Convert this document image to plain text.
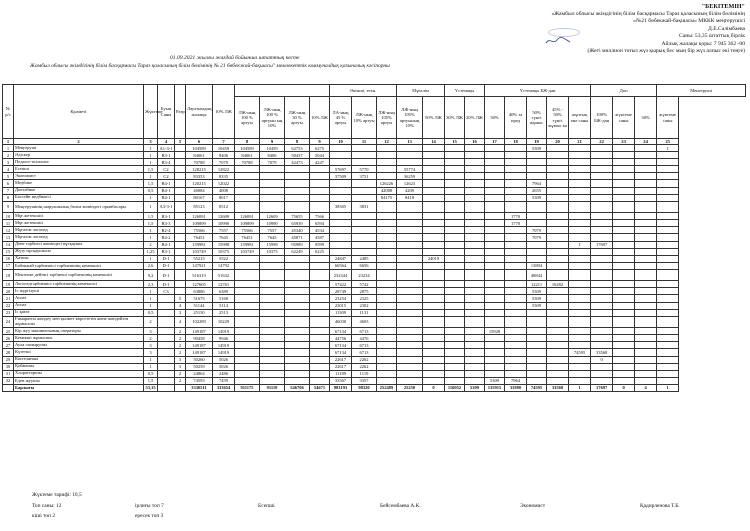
"БЕКІТЕМІН"
«Жамбыл облысы әкімдігінің білім басқармасы Тараз қаласының білім бөлімінің
«№21 бөбекжай-бақшасы» МККК меңгерушісі
Д.Е.Сәлімбаева
Саны: 53,35 штаттық бірлік
Айлық жалақы қоры: 7 945 362 -00
(Жеті миллион тоғыз жүз қырық бес мың бір жүз алпыс екі теңге)
01.09.2021 жылғы жағдай бойынша штаттық кесте
Жамбыл облысы әкімдігінің білім басқармасы Тараз қаласының білім бөлімінің № 21 бөбекжай-бақшасы" мемлекеттік коммуналдық қазыналық кәсіпорны
№ р/с	Қызметі	Жүктеме	Буын Саны	Разр	Лауазымдық жалақы	10% ЛЖ					Әкімші, техн.			Мұғалім		Үстемақы		Үстемақы БЖ-дан					Доп			Менгеруші
							ЛЖ-ның 100 % артуы	ЛЖ-ның 100 % артуын ың 10%	ЛЖ-ның 30 % артуы	10% ЛЖ	ЛА-ның 45 % артуы	ЛЖ-ның 10% артуы	ЛЖ-ның 105% артуы	ЛЖ-ның 105% артуының 10%	50% ЛЖ	30% ЛЖ	20% ЛЖ	30%	40% за пред	50% түнгі жұмыс	45% - 50% түнгі жұмыс ка	жұптық ене саны	100% БЖ-дан	жүктеме саны	30%	жүктеме саны
1	2	3	4	5	6	7	8	9	8	9	10	11	12	13	14	15	16	17	18	19	20	21	22	23	24	25
1	Меңгеруші	1	А1-3-1		104589	10459	104589	10459	62753	6275										5309						1
2	Әдіскер	1	В3-1		84061	8406	84061	8406	50437	5044																
3	Педагог-психолог	1	В3-4		70788	7079	70788	7079	42473	4247																
4	Есепші	1,5	С2		128215	12822					57697	5770		55774												
5	Экономист	1	С2		83353	8335					37509	3751		36259												
6	Медбике	1,5	В4-1		120215	12022							126226	12623						7964						
7	Диетабике	0,5	В4-1		40084	4008							42088	4209						2655						
8	Бассейн медбикесі	1	В4-1		80167	8017							84175	8418						5309						
9	Меңгерушінің шаруашылық бөлім жөніндегі орынбасары	1	А3-3-1		85123	8512					38305	3831														
10	Мұғ.жетекшісі	1,5	В3-1		126091	12609	126091	12609	75655	7566									1770							
11	Мұғ.жетекшісі	1,5	В3-3		109899	10990	109899	10990	65939	6594									1770							
12	Мұғалім логопед	1	В2-4		75566	7557	75566	7557	45340	4534										7079						
13	Мұғалім логопед	1	В4-2		76451	7645	76451	7645	45871	4587										7079						
14	Дене тәрбиесі жөніндегі нұсқаушы	2	В4-1		159981	15998	159981	15998	95989	9599												1	17697			
15	Жүзу нұсқаушысы	1,25	В3-1		103749	10375	103749	10375	62249	6225																
16	Хатшы	1	D-1		55215	5522					24847	2485			24019											
17	Бөбекжай тәрбиешісі тәрбиешінің көмекшісі	2,6	D-1		147921	14792					66564	6656								13804						
18	Мектепке дейінгі тәрбиеші тәрбиешінің көмекшісі	9,2	D-1		516319	51632					232344	23234								48844						
19	Логопедтәрбиешісі тәрбиешінің көмекшісі	2,3	D-1		127605	12761					57422	5742								12211	16282					
20	Іс жүргізуші	1	С3		63886	6389					28749	2875								5309						
21	Аспаз	1		5	51675	5168					23254	2325								5309						
22	Аспаз	1		4	51144	5114					23015	2302								5309						
23	Іс қағаз	0,5		3	25130	2513					11309	1131														
24	Ғимаратты жөндеу мен қызмет көрсететін жөне жөндейтін жұмысшы	2		4	102289	10229					46030	4603														
25	Кір жуу машинасының операторы	3		2	149187	14919					67134	6713						15928								
26	Кемекші жұмысшы	2		2	99458	9946					44756	4476														
27	Аула сыпырушы	3		2	149187	14919					67134	6713														
28	Күзетші	3		2	149187	14919					67134	6713										74595	33568			
29	Кастелянша	1		3	50260	5026					22617	2262											0			
30	Қоймашы	1		3	50259	5026					22617	2262														
31	Хлоратторшы	0,5		2	24864	2486					11189	1119														
32	Еден жуушы	1,5		2	74593	7459					33567	3357						5309	7964							
	Барлығы	53,35			3336511	333654	911175	91118	546706	54671	983193	98320	252489	25250	0	116052	5309	135915	33980	74595	33568	1	17697	0	4	1
Жүктеме тарифі: 10,5
Топ саны: 12
кіші топ 2
ірлиғы топ 7
ересек топ 3
Есепші	Бейсембаева А.К.	Экономист	Қадирленова Т.Б.
